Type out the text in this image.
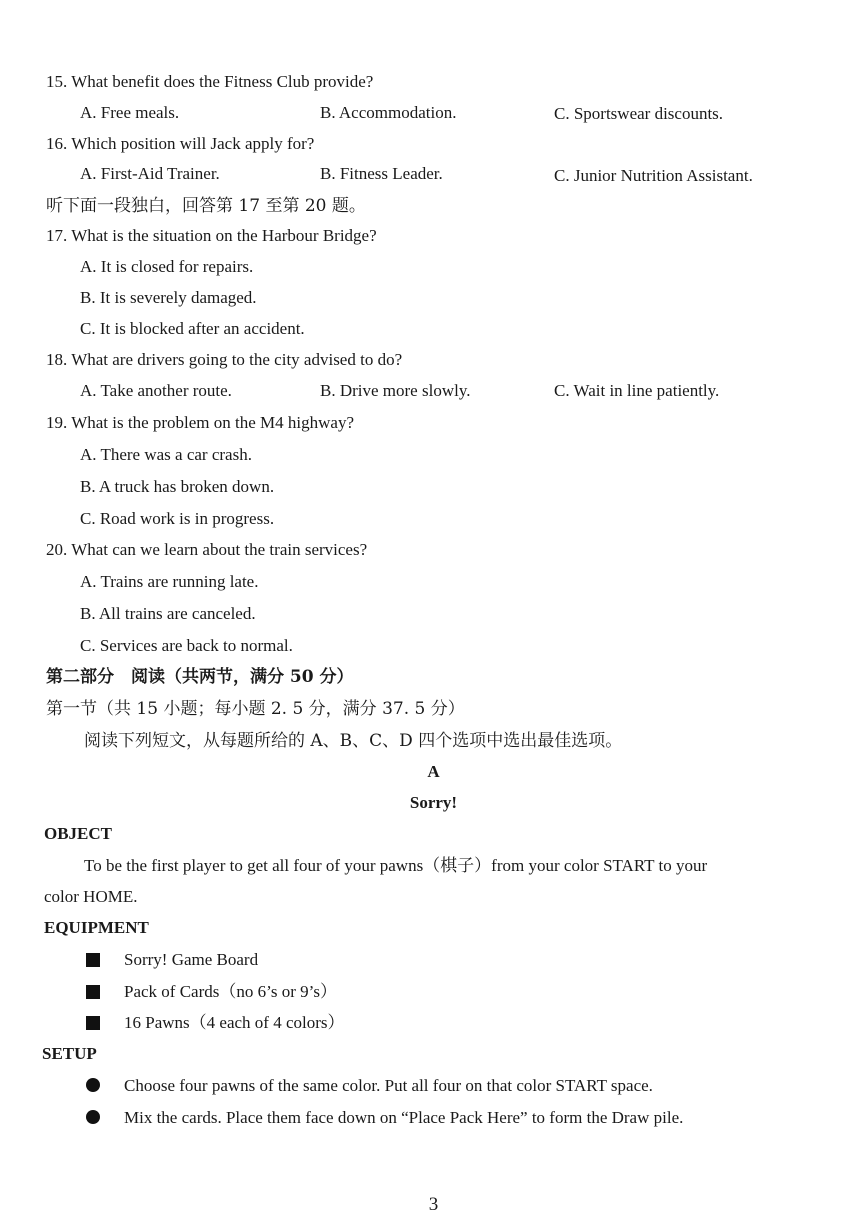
15. What benefit does the Fitness Club provide?
A. Free meals.	B. Accommodation.	C. Sportswear discounts.
16. Which position will Jack apply for?
A. First-Aid Trainer.	B. Fitness Leader.	C. Junior Nutrition Assistant.
听下面一段独白，回答第 17 至第 20 题。
17. What is the situation on the Harbour Bridge?
A. It is closed for repairs.
B. It is severely damaged.
C. It is blocked after an accident.
18. What are drivers going to the city advised to do?
A. Take another route.	B. Drive more slowly.	C. Wait in line patiently.
19. What is the problem on the M4 highway?
A. There was a car crash.
B. A truck has broken down.
C. Road work is in progress.
20. What can we learn about the train services?
A. Trains are running late.
B. All trains are canceled.
C. Services are back to normal.
第二部分　阅读（共两节，满分 50 分）
第一节（共 15 小题；每小题 2. 5 分，满分 37. 5 分）
阅读下列短文，从每题所给的 A、B、C、D 四个选项中选出最佳选项。
A
Sorry!
OBJECT
To be the first player to get all four of your pawns（棋子）from your color START to your
color HOME.
EQUIPMENT
Sorry! Game Board
Pack of Cards（no 6’s or 9’s）
16 Pawns（4 each of 4 colors）
SETUP
Choose four pawns of the same color. Put all four on that color START space.
Mix the cards. Place them face down on “Place Pack Here” to form the Draw pile.
3
